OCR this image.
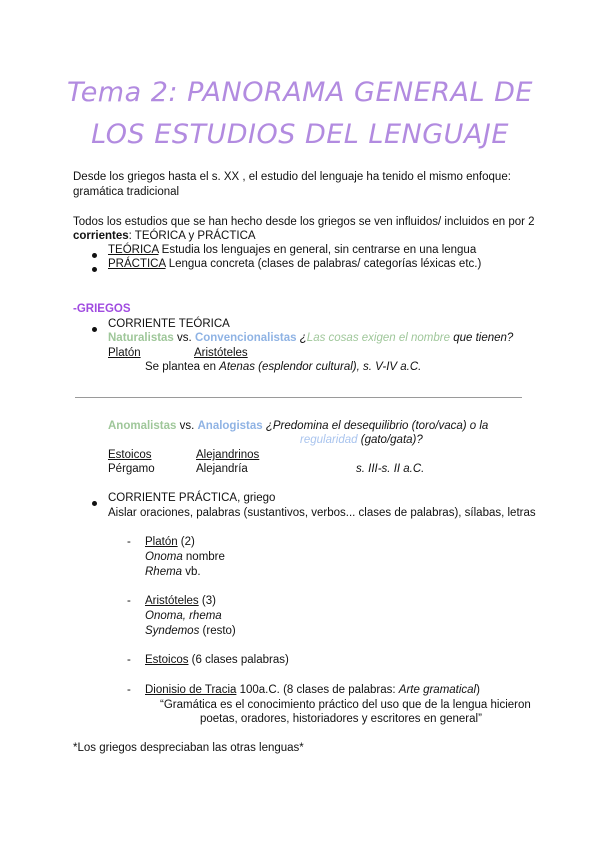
Tema 2: PANORAMA GENERAL DE
LOS ESTUDIOS DEL LENGUAJE
Desde los griegos hasta el s. XX , el estudio del lenguaje ha tenido el mismo enfoque:
gramática tradicional
Todos los estudios que se han hecho desde los griegos se ven influidos/ incluidos en por 2
corrientes: TEÓRICA y PRÁCTICA
TEÓRICA Estudia los lenguajes en general, sin centrarse en una lengua
PRÁCTICA Lengua concreta (clases de palabras/ categorías léxicas etc.)
-GRIEGOS
CORRIENTE TEÓRICA
Naturalistas vs. Convencionalistas ¿Las cosas exigen el nombre que tienen?
Platón	Aristóteles
Se plantea en Atenas (esplendor cultural), s. V-IV a.C.
Anomalistas vs. Analogistas ¿Predomina el desequilibrio (toro/vaca) o la
regularidad (gato/gata)?
Estoicos	Alejandrinos
Pérgamo	Alejandría	s. III-s. II a.C.
CORRIENTE PRÁCTICA, griego
Aislar oraciones, palabras (sustantivos, verbos... clases de palabras), sílabas, letras
- Platón (2)
Onoma nombre
Rhema vb.
- Aristóteles (3)
Onoma, rhema
Syndemos (resto)
- Estoicos (6 clases palabras)
- Dionisio de Tracia 100a.C. (8 clases de palabras: Arte gramatical)
“Gramática es el conocimiento práctico del uso que de la lengua hicieron
poetas, oradores, historiadores y escritores en general”
*Los griegos despreciaban las otras lenguas*
